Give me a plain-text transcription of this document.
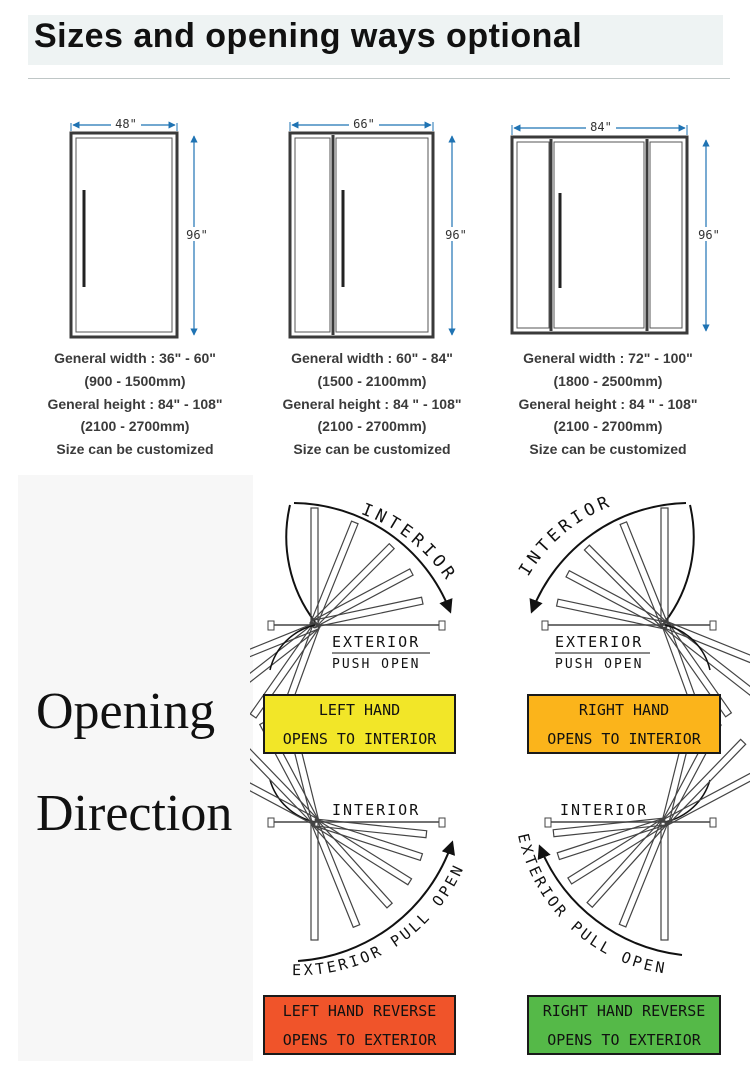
Sizes and opening ways optional
48"
96"
66"
96"
84"
96"
General width : 36" - 60"
(900 - 1500mm)
General height : 84" - 108"
(2100 - 2700mm)
Size can be customized
General width : 60" - 84"
(1500 - 2100mm)
General height : 84 " - 108"
(2100 - 2700mm)
Size can be customized
General width : 72" - 100"
(1800 - 2500mm)
General height : 84 " - 108"
(2100 - 2700mm)
Size can be customized
Opening
Direction
INTERIOR
EXTERIOR
PUSH OPEN
INTERIOR
EXTERIOR
PUSH OPEN
INTERIOR
EXTERIOR PULL OPEN
INTERIOR
EXTERIOR PULL OPEN
LEFT HAND
OPENS TO INTERIOR
RIGHT HAND
OPENS TO INTERIOR
LEFT HAND REVERSE
OPENS TO EXTERIOR
RIGHT HAND REVERSE
OPENS TO EXTERIOR
